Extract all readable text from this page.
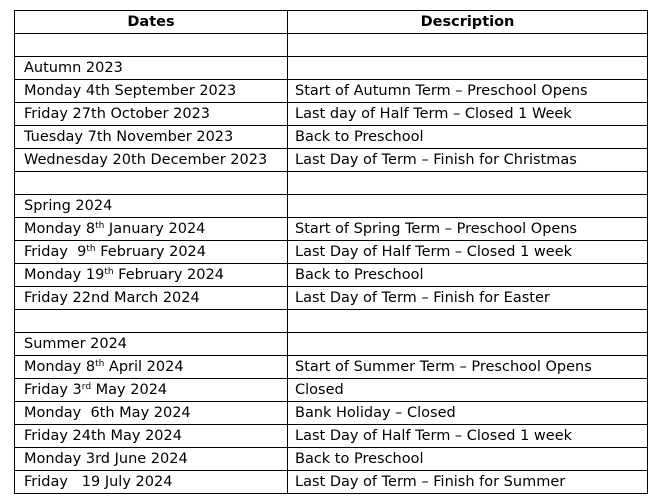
Dates	Description

Autumn 2023	
Monday 4th September 2023	Start of Autumn Term – Preschool Opens
Friday 27th October 2023	Last day of Half Term – Closed 1 Week
Tuesday 7th November 2023	Back to Preschool
Wednesday 20th December 2023	Last Day of Term – Finish for Christmas

Spring 2024	
Monday 8th January 2024	Start of Spring Term – Preschool Opens
Friday  9th February 2024	Last Day of Half Term – Closed 1 week
Monday 19th February 2024	Back to Preschool
Friday 22nd March 2024	Last Day of Term – Finish for Easter

Summer 2024	
Monday 8th April 2024	Start of Summer Term – Preschool Opens
Friday 3rd May 2024	Closed
Monday  6th May 2024	Bank Holiday – Closed
Friday 24th May 2024	Last Day of Half Term – Closed 1 week
Monday 3rd June 2024	Back to Preschool
Friday   19 July 2024	Last Day of Term – Finish for Summer
